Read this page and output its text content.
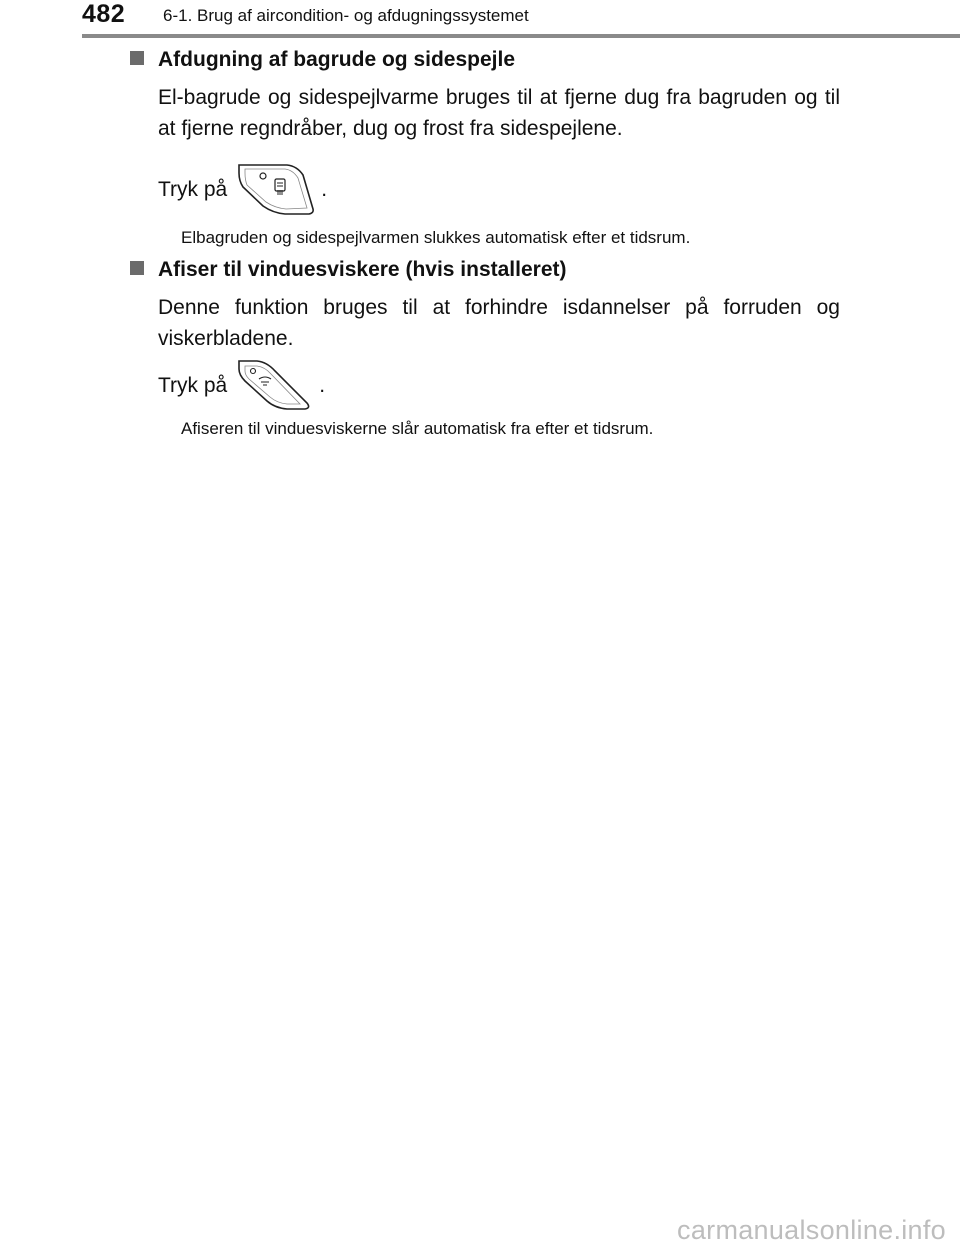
482 6-1. Brug af aircondition- og afdugningssystemet
Afdugning af bagrude og sidespejle
El-bagrude og sidespejlvarme bruges til at fjerne dug fra bagruden og til at fjerne regndråber, dug og frost fra sidespejlene.
Tryk på	.
Elbagruden og sidespejlvarmen slukkes automatisk efter et tidsrum.
Afiser til vinduesviskere (hvis installeret)
Denne funktion bruges til at forhindre isdannelser på forruden og viskerbladene.
Tryk på	.
Afiseren til vinduesviskerne slår automatisk fra efter et tidsrum.
carmanualsonline.info
